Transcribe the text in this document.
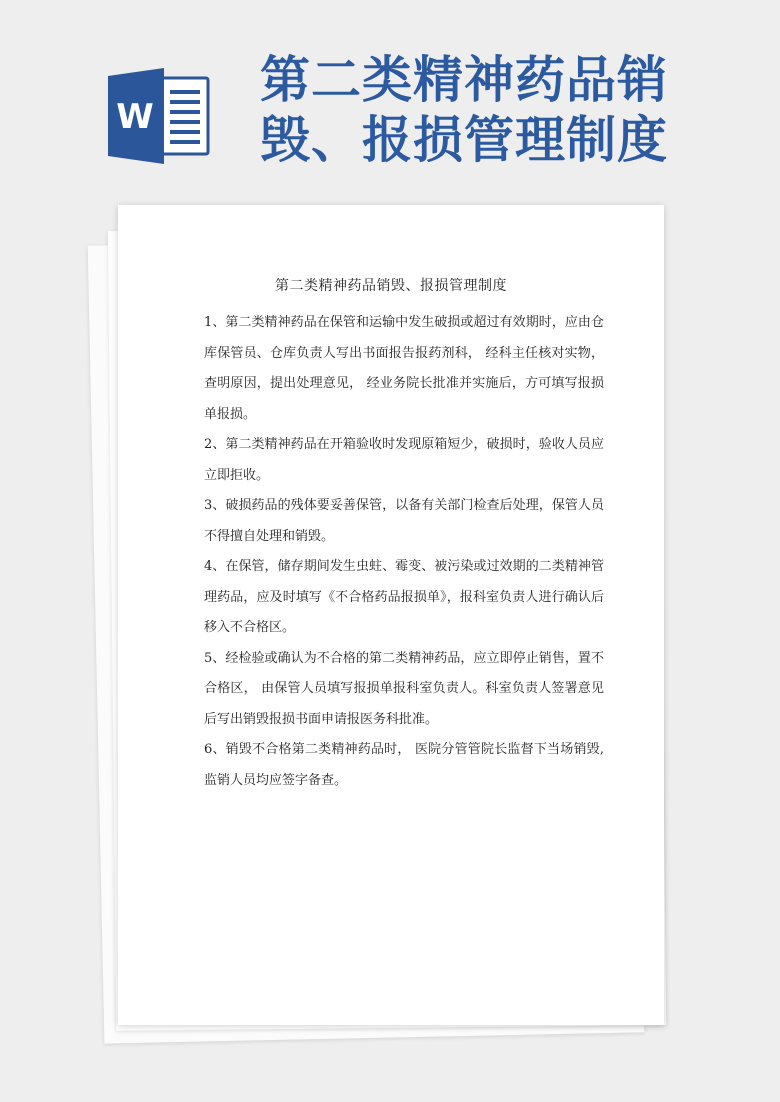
W
第二类精神药品销
毁、报损管理制度
第二类精神药品销毁、报损管理制度

1、第二类精神药品在保管和运输中发生破损或超过有效期时，应由仓库保管员、仓库负责人写出书面报告报药剂科， 经科主任核对实物，查明原因，提出处理意见， 经业务院长批准并实施后，方可填写报损单报损。

2、第二类精神药品在开箱验收时发现原箱短少，破损时，验收人员应立即拒收。

3、破损药品的残体要妥善保管，以备有关部门检查后处理，保管人员不得擅自处理和销毁。

4、在保管，储存期间发生虫蛀、霉变、被污染或过效期的二类精神管理药品，应及时填写《不合格药品报损单》，报科室负责人进行确认后移入不合格区。

5、经检验或确认为不合格的第二类精神药品，应立即停止销售，置不合格区， 由保管人员填写报损单报科室负责人。科室负责人签署意见后写出销毁报损书面申请报医务科批准。

6、销毁不合格第二类精神药品时， 医院分管管院长监督下当场销毁,监销人员均应签字备查。
